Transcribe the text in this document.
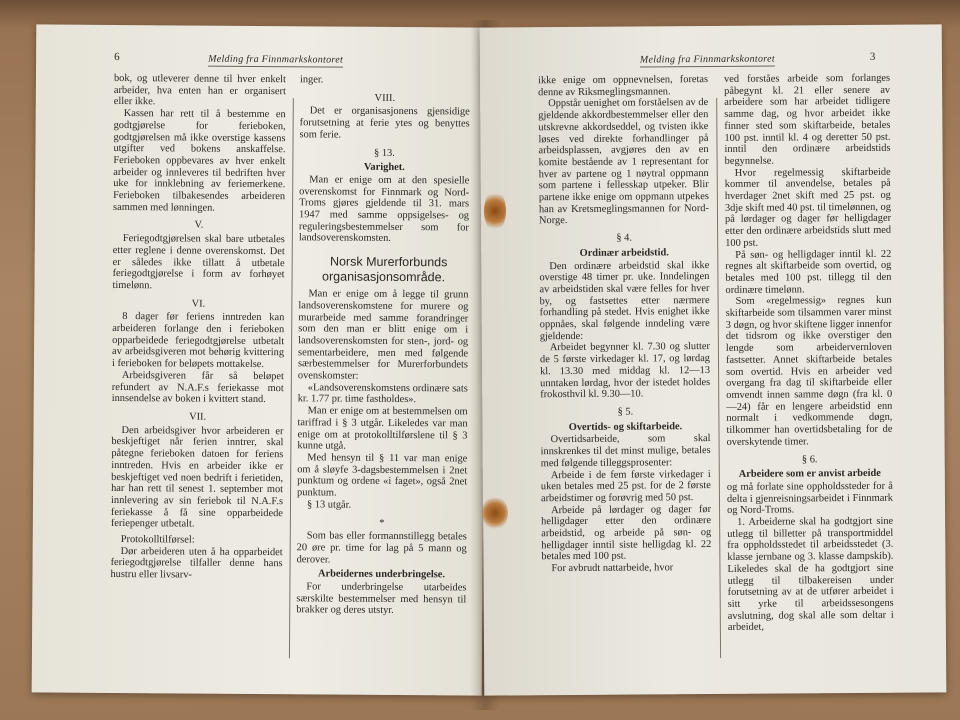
6	Melding fra Finnmarkskontoret

bok, og utleverer denne til hver enkelt arbeider, hva enten han er organisert eller ikke.

Kassen har rett til å bestemme en godtgjørelse for ferieboken, godtgjørelsen må ikke overstige kassens utgifter ved bokens anskaffelse. Ferieboken oppbevares av hver enkelt arbeider og innleveres til bedriften hver uke for innklebning av feriemerkene. Ferieboken tilbakesendes arbeideren sammen med lønningen.

V.

Feriegodtgjørelsen skal bare utbetales etter reglene i denne overenskomst. Det er således ikke tillatt å utbetale feriegodtgjørelse i form av forhøyet timelønn.

VI.

8 dager før feriens inntreden kan arbeideren forlange den i ferieboken opparbeidede feriegodtgjørelse utbetalt av arbeidsgiveren mot behørig kvittering i ferieboken for beløpets mottakelse.

Arbeidsgiveren får så beløpet refundert av N.A.F.s feriekasse mot innsendelse av boken i kvittert stand.

VII.

Den arbeidsgiver hvor arbeideren er beskjeftiget når ferien inntrer, skal påtegne ferieboken datoen for feriens inntreden. Hvis en arbeider ikke er beskjeftiget ved noen bedrift i ferietiden, har han rett til senest 1. september mot innlevering av sin feriebok til N.A.F.s feriekasse å få sine opparbeidede feriepenger utbetalt.

Protokolltilførsel:

Dør arbeideren uten å ha opparbeidet feriegodtgjørelse tilfaller denne hans hustru eller livsarv-

inger.

VIII.

Det er organisasjonens gjensidige forutsetning at ferie ytes og benyttes som ferie.

§ 13.

Varighet.

Man er enige om at den spesielle overenskomst for Finnmark og Nord-Troms gjøres gjeldende til 31. mars 1947 med samme oppsigelses- og reguleringsbestemmelser som for landsoverenskomsten.

Norsk Murerforbunds organisasjonsområde.

Man er enige om å legge til grunn landsoverenskomstene for murere og murarbeide med samme forandringer som den man er blitt enige om i landsoverenskomsten for sten-, jord- og sementarbeidere, men med følgende særbestemmelser for Murerforbundets ovenskomster:

«Landsoverenskomstens ordinære sats kr. 1.77 pr. time fastholdes».

Man er enige om at bestemmelsen om tariffrad i § 3 utgår. Likeledes var man enige om at protokolltilførslene til § 3 kunne utgå.

Med hensyn til § 11 var man enige om å sløyfe 3-dagsbestemmelsen i 2net punktum og ordene «i faget», også 2net punktum.

§ 13 utgår.

*

Som bas eller formannstillegg betales 20 øre pr. time for lag på 5 mann og derover.

Arbeidernes underbringelse.

For underbringelse utarbeides særskilte bestemmelser med hensyn til brakker og deres utstyr.

Melding fra Finnmarkskontoret	3

ikke enige om oppnevnelsen, foretas denne av Riksmeglingsmannen.

Oppstår uenighet om forståelsen av de gjeldende akkordbestemmelser eller den utskrevne akkordseddel, og tvisten ikke løses ved direkte forhandlinger på arbeidsplassen, avgjøres den av en komite bestående av 1 representant for hver av partene og 1 nøytral oppmann som partene i fellesskap utpeker. Blir partene ikke enige om oppmann utpekes han av Kretsmeglingsmannen for Nord-Norge.

§ 4.

Ordinær arbeidstid.

Den ordinære arbeidstid skal ikke overstige 48 timer pr. uke. Inndelingen av arbeidstiden skal være felles for hver by, og fastsettes etter nærmere forhandling på stedet. Hvis enighet ikke oppnåes, skal følgende inndeling være gjeldende:

Arbeidet begynner kl. 7.30 og slutter de 5 første virkedager kl. 17, og lørdag kl. 13.30 med middag kl. 12—13 unntaken lørdag, hvor der istedet holdes frokosthvil kl. 9.30—10.

§ 5.

Overtids- og skiftarbeide.

Overtidsarbeide, som skal innskrenkes til det minst mulige, betales med følgende tilleggsprosenter:

Arbeide i de fem første virkedager i uken betales med 25 pst. for de 2 første arbeidstimer og forøvrig med 50 pst.

Arbeide på lørdager og dager før helligdager etter den ordinære arbeidstid, og arbeide på søn- og helligdager inntil siste helligdag kl. 22 betales med 100 pst.

For avbrudt nattarbeide, hvor

ved forståes arbeide som forlanges påbegynt kl. 21 eller senere av arbeidere som har arbeidet tidligere samme dag, og hvor arbeidet ikke finner sted som skiftarbeide, betales 100 pst. inntil kl. 4 og deretter 50 pst. inntil den ordinære arbeidstids begynnelse.

Hvor regelmessig skiftarbeide kommer til anvendelse, betales på hverdager 2net skift med 25 pst. og 3dje skift med 40 pst. til timelønnen, og på lørdager og dager før helligdager etter den ordinære arbeidstids slutt med 100 pst.

På søn- og helligdager inntil kl. 22 regnes alt skiftarbeide som overtid, og betales med 100 pst. tillegg til den ordinære timelønn.

Som «regelmessig» regnes kun skiftarbeide som tilsammen varer minst 3 døgn, og hvor skiftene ligger innenfor det tidsrom og ikke overstiger den lengde som arbeidervernloven fastsetter. Annet skiftarbeide betales som overtid. Hvis en arbeider ved overgang fra dag til skiftarbeide eller omvendt innen samme døgn (fra kl. 0—24) får en lengere arbeidstid enn normalt i vedkommende døgn, tilkommer han overtidsbetaling for de overskytende timer.

§ 6.

Arbeidere som er anvist arbeide

og må forlate sine oppholdssteder for å delta i gjenreisningsarbeidet i Finnmark og Nord-Troms.

1. Arbeiderne skal ha godtgjort sine utlegg til billetter på transportmiddel fra oppholdsstedet til arbeidsstedet (3. klasse jernbane og 3. klasse dampskib). Likeledes skal de ha godtgjort sine utlegg til tilbakereisen under forutsetning av at de utfører arbeidet i sitt yrke til arbeidssesongens avslutning, dog skal alle som deltar i arbeidet,
